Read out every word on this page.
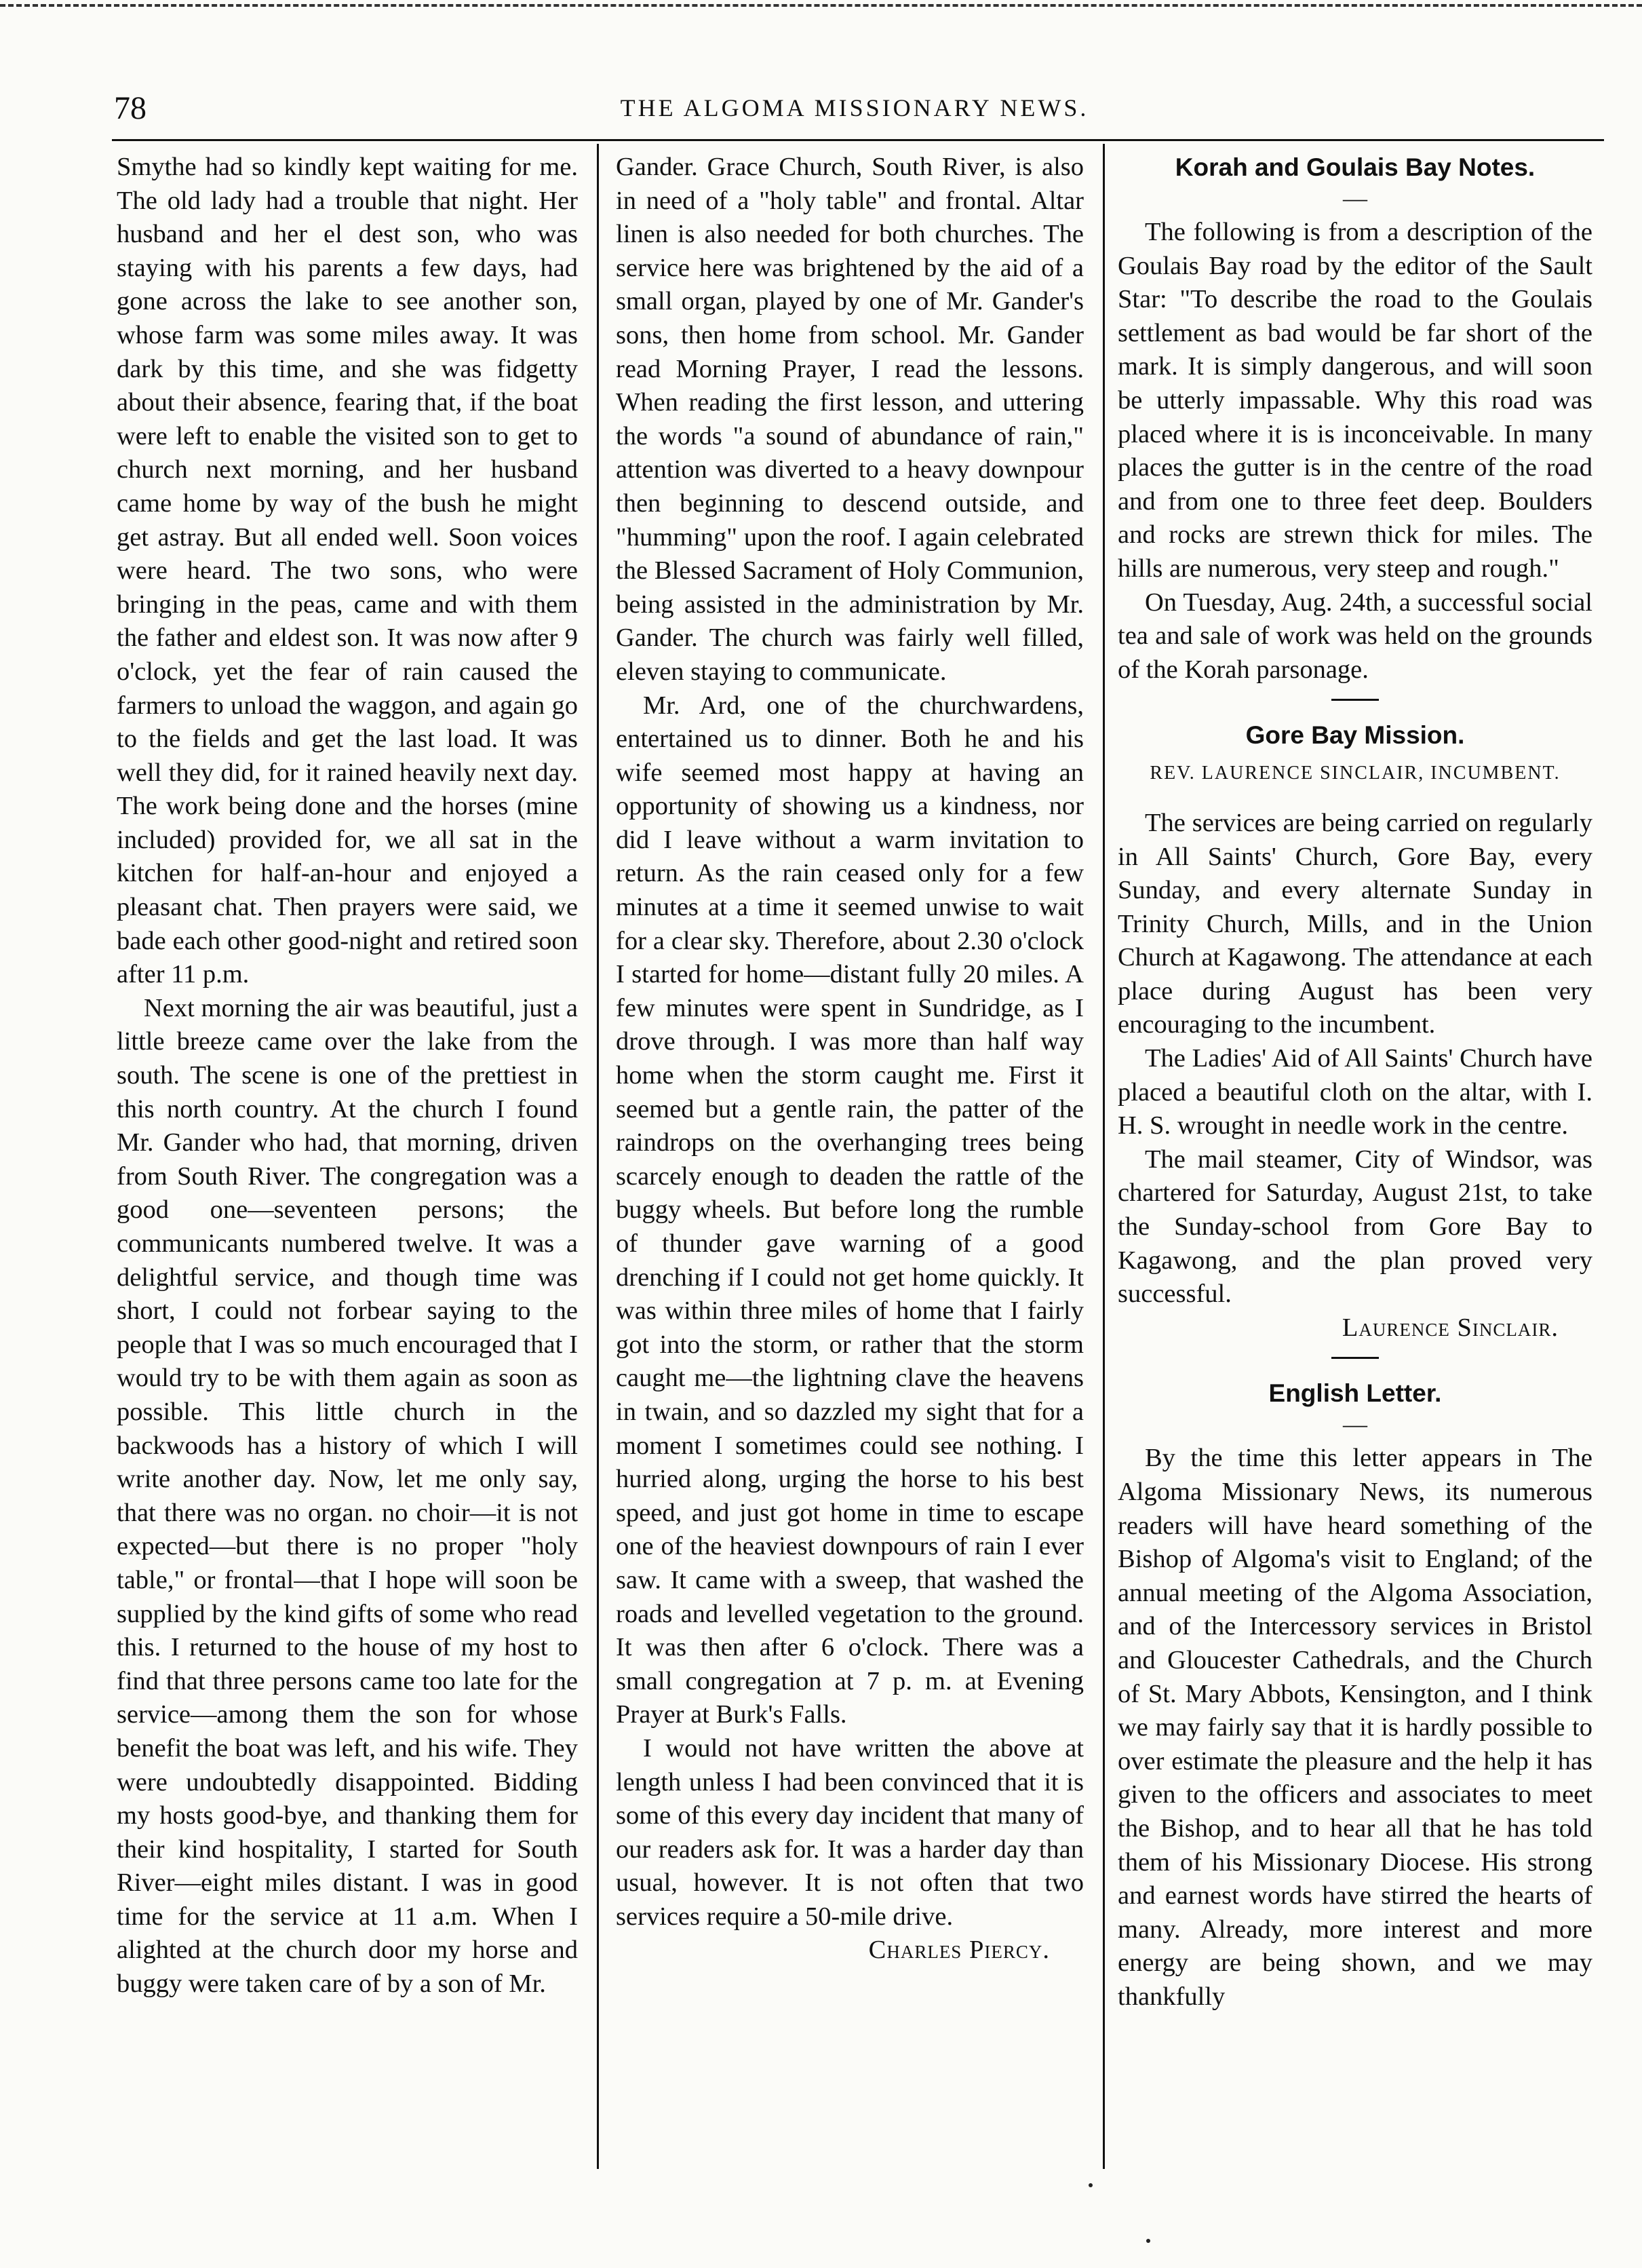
78	THE ALGOMA MISSIONARY NEWS.

Smythe had so kindly kept waiting for me. The old lady had a trouble that night. Her husband and her el dest son, who was staying with his parents a few days, had gone across the lake to see another son, whose farm was some miles away. It was dark by this time, and she was fidgetty about their absence, fearing that, if the boat were left to enable the visited son to get to church next morning, and her husband came home by way of the bush he might get astray. But all ended well. Soon voices were heard. The two sons, who were bringing in the peas, came and with them the father and eldest son. It was now after 9 o'clock, yet the fear of rain caused the farmers to unload the waggon, and again go to the fields and get the last load. It was well they did, for it rained heavily next day. The work being done and the horses (mine included) provided for, we all sat in the kitchen for half-an-hour and enjoyed a pleasant chat. Then prayers were said, we bade each other good-night and retired soon after 11 p.m.

Next morning the air was beautiful, just a little breeze came over the lake from the south. The scene is one of the prettiest in this north country. At the church I found Mr. Gander who had, that morning, driven from South River. The congregation was a good one—seventeen persons; the communicants numbered twelve. It was a delightful service, and though time was short, I could not forbear saying to the people that I was so much encouraged that I would try to be with them again as soon as possible. This little church in the backwoods has a history of which I will write another day. Now, let me only say, that there was no organ. no choir—it is not expected—but there is no proper "holy table," or frontal—that I hope will soon be supplied by the kind gifts of some who read this. I returned to the house of my host to find that three persons came too late for the service—among them the son for whose benefit the boat was left, and his wife. They were undoubtedly disappointed. Bidding my hosts good-bye, and thanking them for their kind hospitality, I started for South River—eight miles distant. I was in good time for the service at 11 a.m. When I alighted at the church door my horse and buggy were taken care of by a son of Mr.

Gander. Grace Church, South River, is also in need of a "holy table" and frontal. Altar linen is also needed for both churches. The service here was brightened by the aid of a small organ, played by one of Mr. Gander's sons, then home from school. Mr. Gander read Morning Prayer, I read the lessons. When reading the first lesson, and uttering the words "a sound of abundance of rain," attention was diverted to a heavy downpour then beginning to descend outside, and "humming" upon the roof. I again celebrated the Blessed Sacrament of Holy Communion, being assisted in the administration by Mr. Gander. The church was fairly well filled, eleven staying to communicate.

Mr. Ard, one of the churchwardens, entertained us to dinner. Both he and his wife seemed most happy at having an opportunity of showing us a kindness, nor did I leave without a warm invitation to return. As the rain ceased only for a few minutes at a time it seemed unwise to wait for a clear sky. Therefore, about 2.30 o'clock I started for home—distant fully 20 miles. A few minutes were spent in Sundridge, as I drove through. I was more than half way home when the storm caught me. First it seemed but a gentle rain, the patter of the raindrops on the overhanging trees being scarcely enough to deaden the rattle of the buggy wheels. But before long the rumble of thunder gave warning of a good drenching if I could not get home quickly. It was within three miles of home that I fairly got into the storm, or rather that the storm caught me—the lightning clave the heavens in twain, and so dazzled my sight that for a moment I sometimes could see nothing. I hurried along, urging the horse to his best speed, and just got home in time to escape one of the heaviest downpours of rain I ever saw. It came with a sweep, that washed the roads and levelled vegetation to the ground. It was then after 6 o'clock. There was a small congregation at 7 p. m. at Evening Prayer at Burk's Falls.

I would not have written the above at length unless I had been convinced that it is some of this every day incident that many of our readers ask for. It was a harder day than usual, however. It is not often that two services require a 50-mile drive.

Charles Piercy.
Korah and Goulais Bay Notes.
—

The following is from a description of the Goulais Bay road by the editor of the Sault Star: "To describe the road to the Goulais settlement as bad would be far short of the mark. It is simply dangerous, and will soon be utterly impassable. Why this road was placed where it is is inconceivable. In many places the gutter is in the centre of the road and from one to three feet deep. Boulders and rocks are strewn thick for miles. The hills are numerous, very steep and rough."

On Tuesday, Aug. 24th, a successful social tea and sale of work was held on the grounds of the Korah parsonage.

Gore Bay Mission.
REV. LAURENCE SINCLAIR, INCUMBENT.

The services are being carried on regularly in All Saints' Church, Gore Bay, every Sunday, and every alternate Sunday in Trinity Church, Mills, and in the Union Church at Kagawong. The attendance at each place during August has been very encouraging to the incumbent.

The Ladies' Aid of All Saints' Church have placed a beautiful cloth on the altar, with I. H. S. wrought in needle work in the centre.

The mail steamer, City of Windsor, was chartered for Saturday, August 21st, to take the Sunday-school from Gore Bay to Kagawong, and the plan proved very successful.

Laurence Sinclair.
English Letter.
—

By the time this letter appears in The Algoma Missionary News, its numerous readers will have heard something of the Bishop of Algoma's visit to England; of the annual meeting of the Algoma Association, and of the Intercessory services in Bristol and Gloucester Cathedrals, and the Church of St. Mary Abbots, Kensington, and I think we may fairly say that it is hardly possible to over estimate the pleasure and the help it has given to the officers and associates to meet the Bishop, and to hear all that he has told them of his Missionary Diocese. His strong and earnest words have stirred the hearts of many. Already, more interest and more energy are being shown, and we may thankfully
